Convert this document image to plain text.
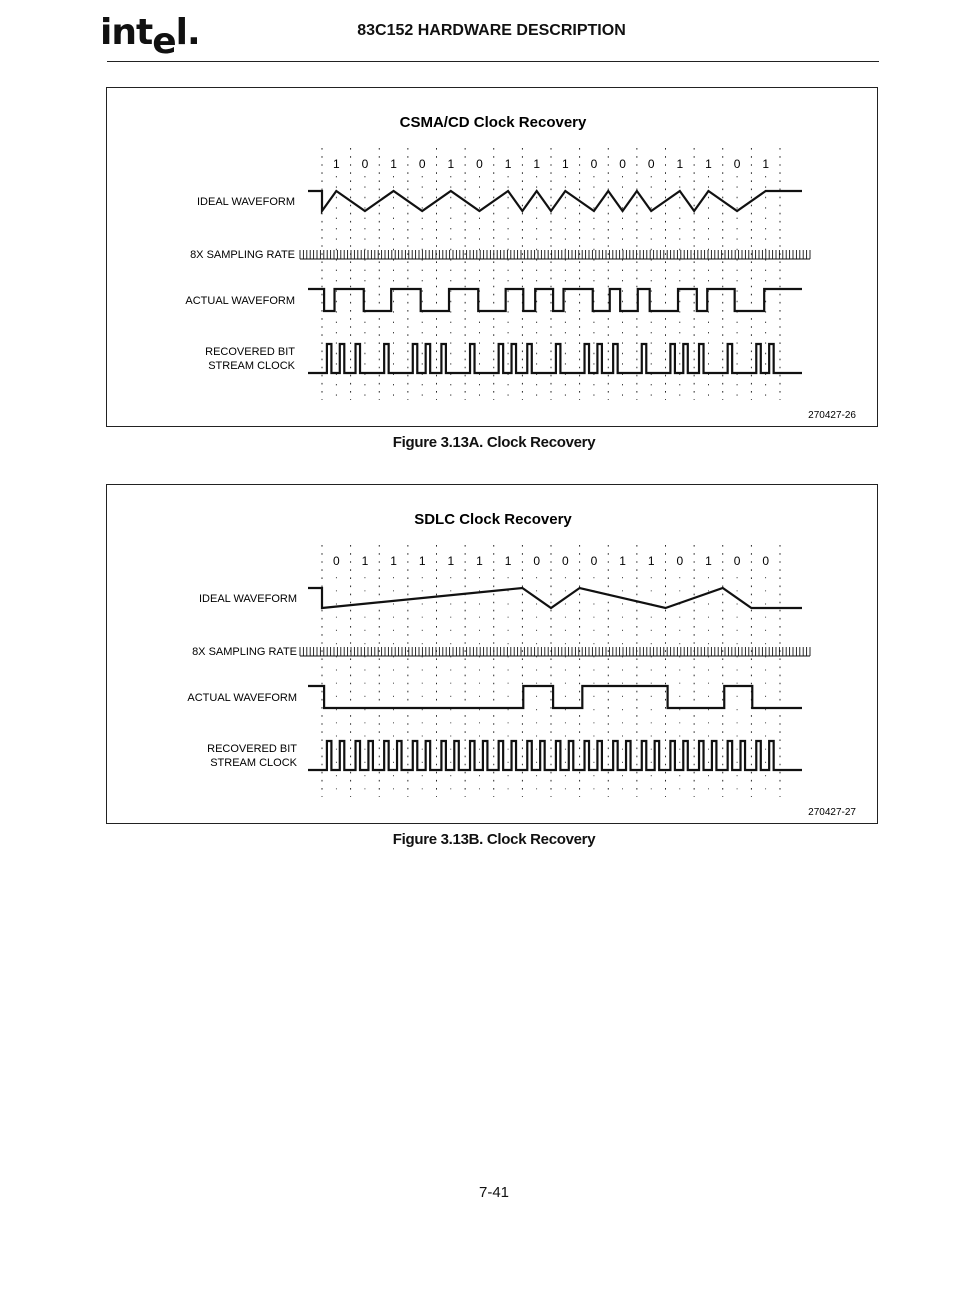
intel.	83C152 HARDWARE DESCRIPTION
CSMA/CD Clock Recovery
IDEAL WAVEFORM
8X SAMPLING RATE
ACTUAL WAVEFORM
RECOVERED BIT
STREAM CLOCK
270427-26
1 0 1 0 1 0 1 1 1 0 0 0 1 1 0 1
Figure 3.13A. Clock Recovery
SDLC Clock Recovery
IDEAL WAVEFORM
8X SAMPLING RATE
ACTUAL WAVEFORM
RECOVERED BIT
STREAM CLOCK
270427-27
0 1 1 1 1 1 1 0 0 0 1 1 0 1 0 0
Figure 3.13B. Clock Recovery
7-41
